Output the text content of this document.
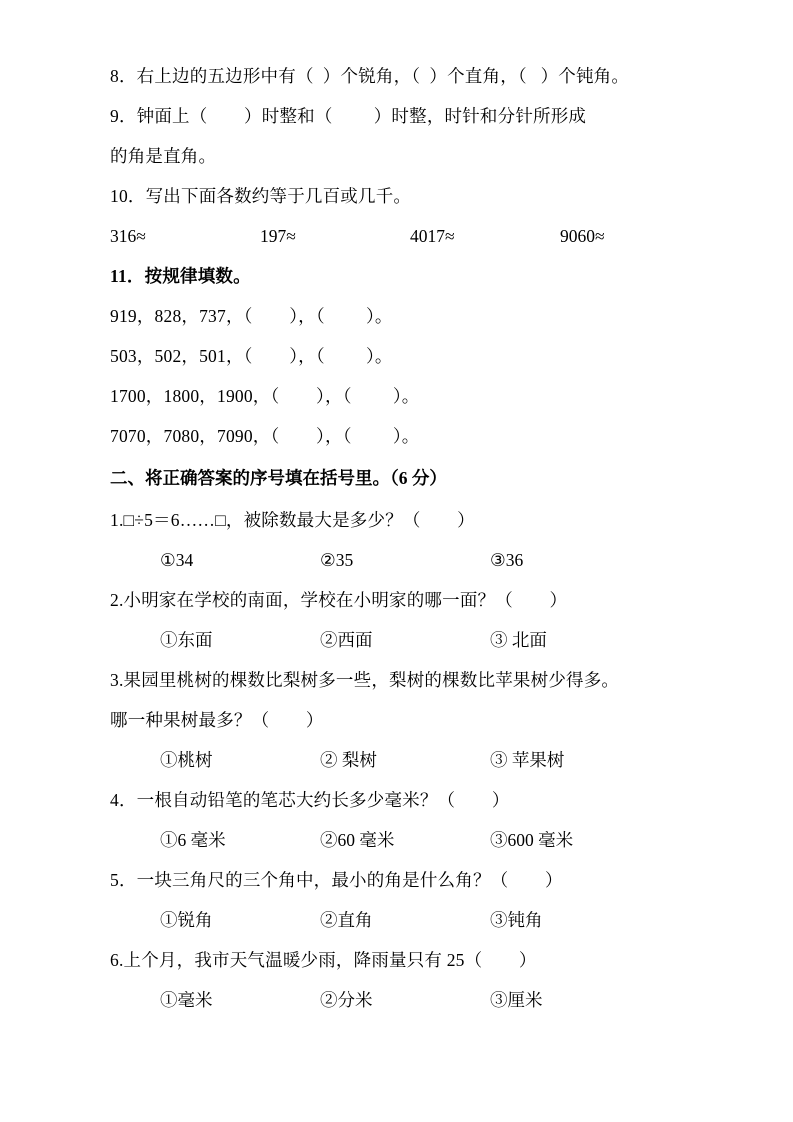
8．右上边的五边形中有（  ）个锐角，（  ）个直角，（   ）个钝角。
9．钟面上（        ）时整和（         ）时整，时针和分针所形成
的角是直角。
10．写出下面各数约等于几百或几千。
316≈	197≈	4017≈	9060≈
11．按规律填数。
919，828，737，（        ），（         ）。
503，502，501，（        ），（         ）。
1700，1800，1900，（        ），（         ）。
7070，7080，7090，（        ），（         ）。
二、将正确答案的序号填在括号里。（6 分）
1.□÷5＝6……□，被除数最大是多少？（        ）
①34	②35	③36
2.小明家在学校的南面，学校在小明家的哪一面？（        ）
①东面	②西面	③ 北面
3.果园里桃树的棵数比梨树多一些，梨树的棵数比苹果树少得多。
哪一种果树最多？（        ）
①桃树	② 梨树	③ 苹果树
4．一根自动铅笔的笔芯大约长多少毫米？（        ）
①6 毫米	②60 毫米	③600 毫米
5．一块三角尺的三个角中，最小的角是什么角？（        ）
①锐角	②直角	③钝角
6.上个月，我市天气温暖少雨，降雨量只有 25（        ）
①毫米	②分米	③厘米
